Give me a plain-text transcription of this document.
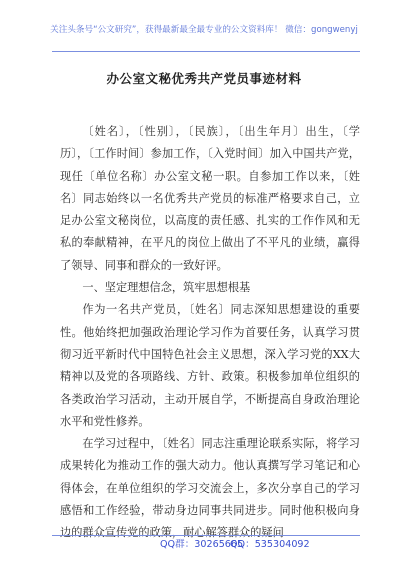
关注头条号“公文研究”，获得最新最全最专业的公文资料库！ 微信：gongwenyj
办公室文秘优秀共产党员事迹材料

〔姓名〕，〔性别〕，〔民族〕，〔出生年月〕出生，〔学历〕，〔工作时间〕参加工作，〔入党时间〕加入中国共产党，现任〔单位名称〕办公室文秘一职。自参加工作以来，〔姓名〕同志始终以一名优秀共产党员的标准严格要求自己，立足办公室文秘岗位，以高度的责任感、扎实的工作作风和无私的奉献精神，在平凡的岗位上做出了不平凡的业绩，赢得了领导、同事和群众的一致好评。

一、坚定理想信念，筑牢思想根基

作为一名共产党员，〔姓名〕同志深知思想建设的重要性。他始终把加强政治理论学习作为首要任务，认真学习贯彻习近平新时代中国特色社会主义思想，深入学习党的XX大精神以及党的各项路线、方针、政策。积极参加单位组织的各类政治学习活动，主动开展自学，不断提高自身政治理论水平和党性修养。

在学习过程中，〔姓名〕同志注重理论联系实际，将学习成果转化为推动工作的强大动力。他认真撰写学习笔记和心得体会，在单位组织的学习交流会上，多次分享自己的学习感悟和工作经验，带动身边同事共同进步。同时他积极向身边的群众宣传党的政策，耐心解答群众的疑问

QQ群：30265665
QQ：535304092
